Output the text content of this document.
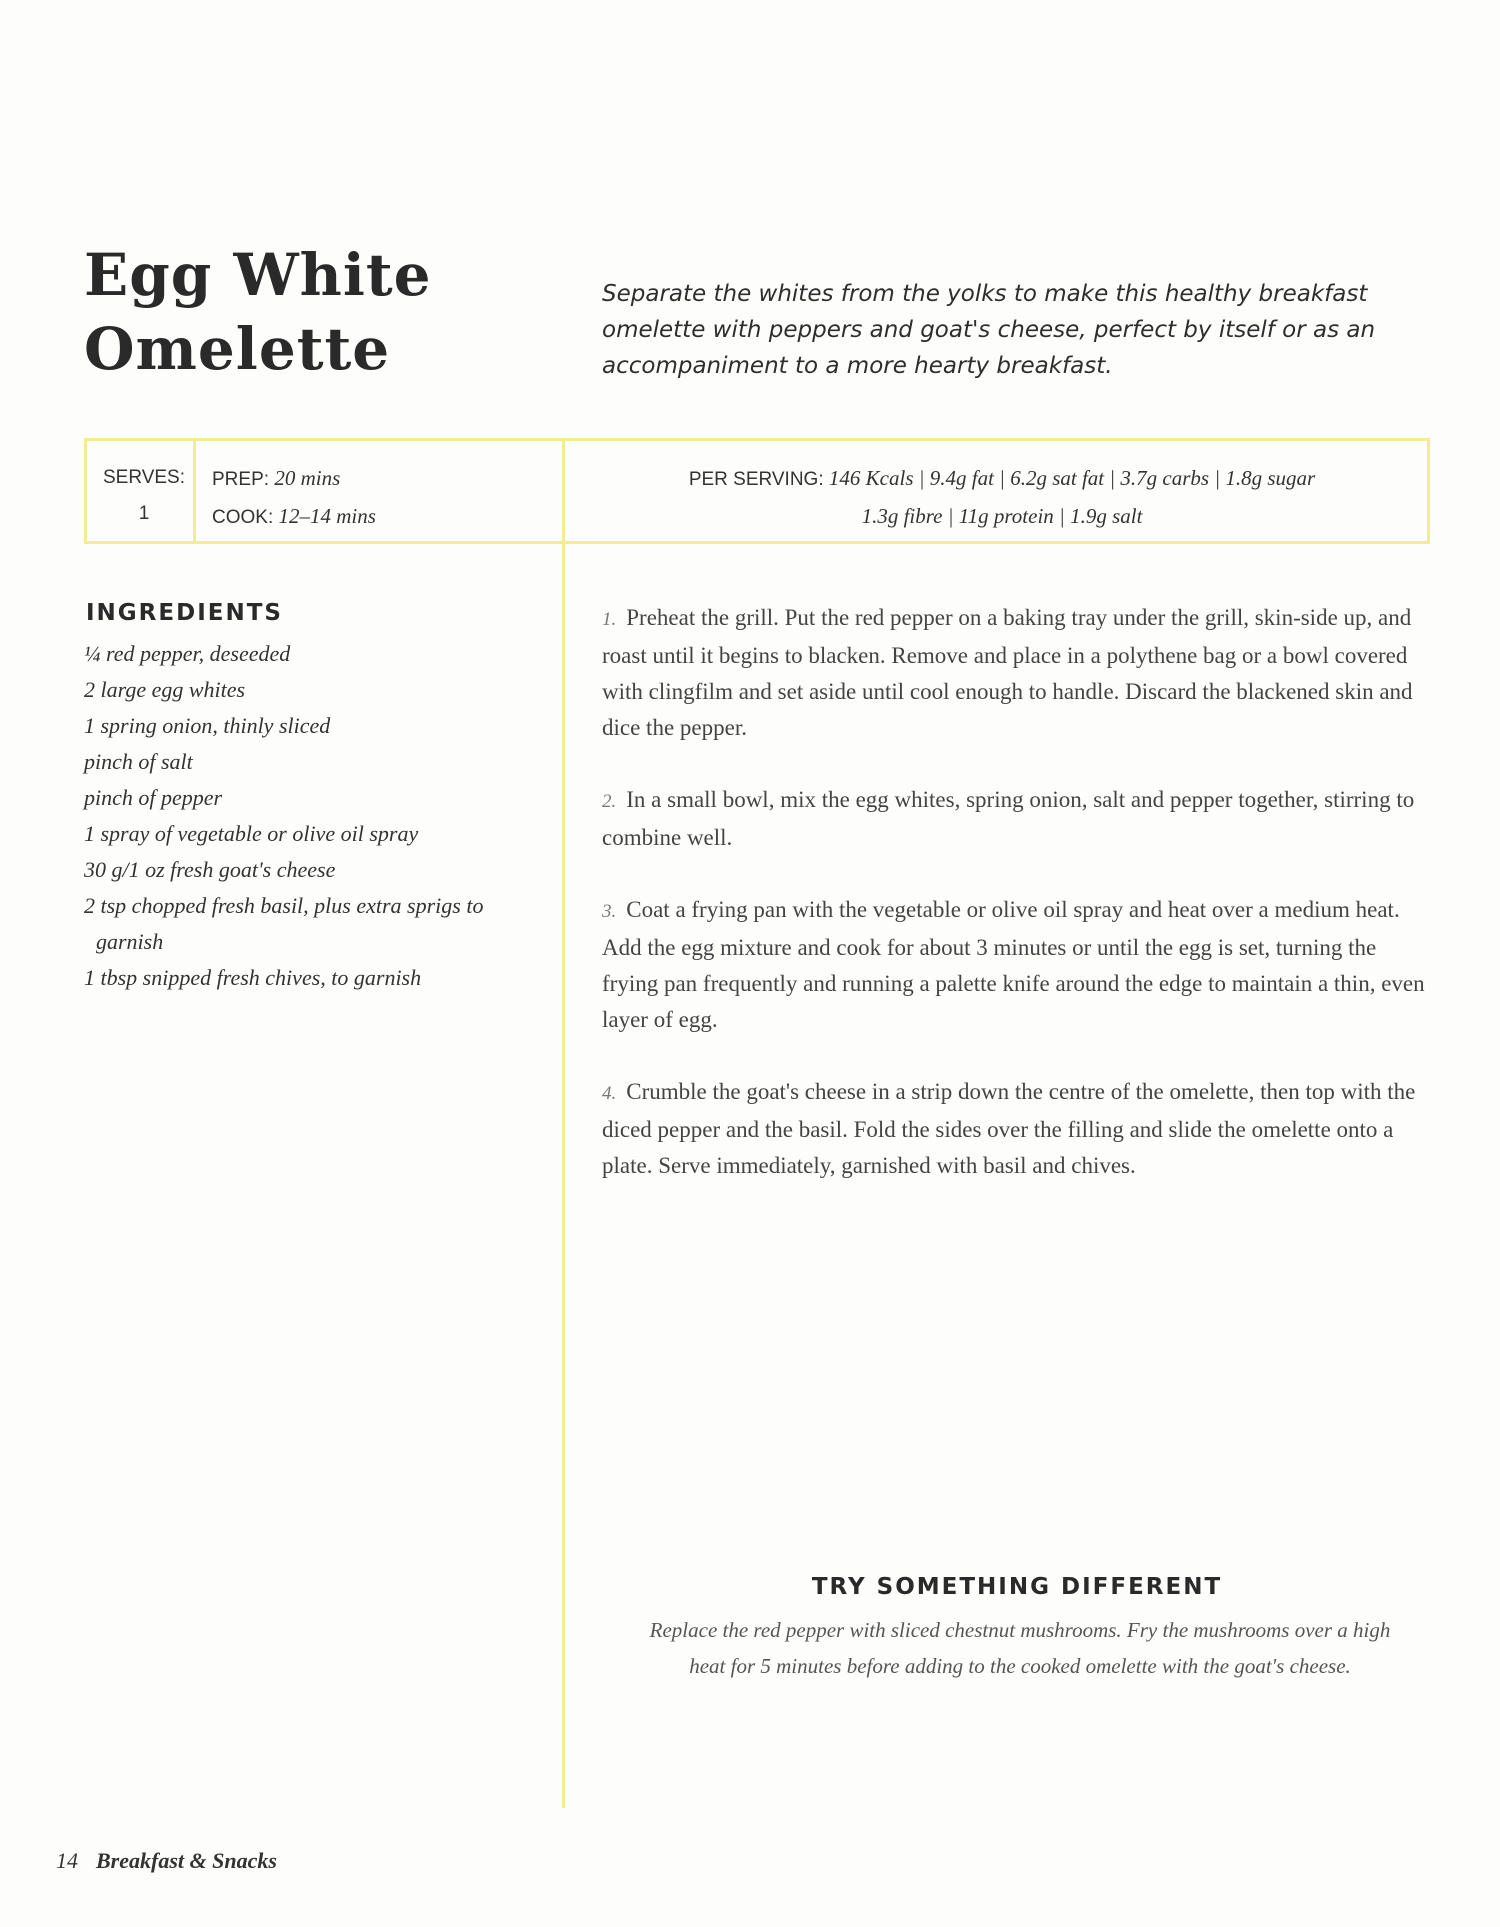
Egg White
Omelette
Separate the whites from the yolks to make this healthy breakfast omelette with peppers and goat's cheese, perfect by itself or as an accompaniment to a more hearty breakfast.
SERVES:
1
PREP: 20 mins
COOK: 12–14 mins
PER SERVING: 146 Kcals | 9.4g fat | 6.2g sat fat | 3.7g carbs | 1.8g sugar
1.3g fibre | 11g protein | 1.9g salt
INGREDIENTS
¼ red pepper, deseeded
2 large egg whites
1 spring onion, thinly sliced
pinch of salt
pinch of pepper
1 spray of vegetable or olive oil spray
30 g/1 oz fresh goat's cheese
2 tsp chopped fresh basil, plus extra sprigs to garnish
1 tbsp snipped fresh chives, to garnish

1. Preheat the grill. Put the red pepper on a baking tray under the grill, skin-side up, and roast until it begins to blacken. Remove and place in a polythene bag or a bowl covered with clingfilm and set aside until cool enough to handle. Discard the blackened skin and dice the pepper.

2. In a small bowl, mix the egg whites, spring onion, salt and pepper together, stirring to combine well.

3. Coat a frying pan with the vegetable or olive oil spray and heat over a medium heat. Add the egg mixture and cook for about 3 minutes or until the egg is set, turning the frying pan frequently and running a palette knife around the edge to maintain a thin, even layer of egg.

4. Crumble the goat's cheese in a strip down the centre of the omelette, then top with the diced pepper and the basil. Fold the sides over the filling and slide the omelette onto a plate. Serve immediately, garnished with basil and chives.

TRY SOMETHING DIFFERENT
Replace the red pepper with sliced chestnut mushrooms. Fry the mushrooms over a high heat for 5 minutes before adding to the cooked omelette with the goat's cheese.
14 Breakfast & Snacks
